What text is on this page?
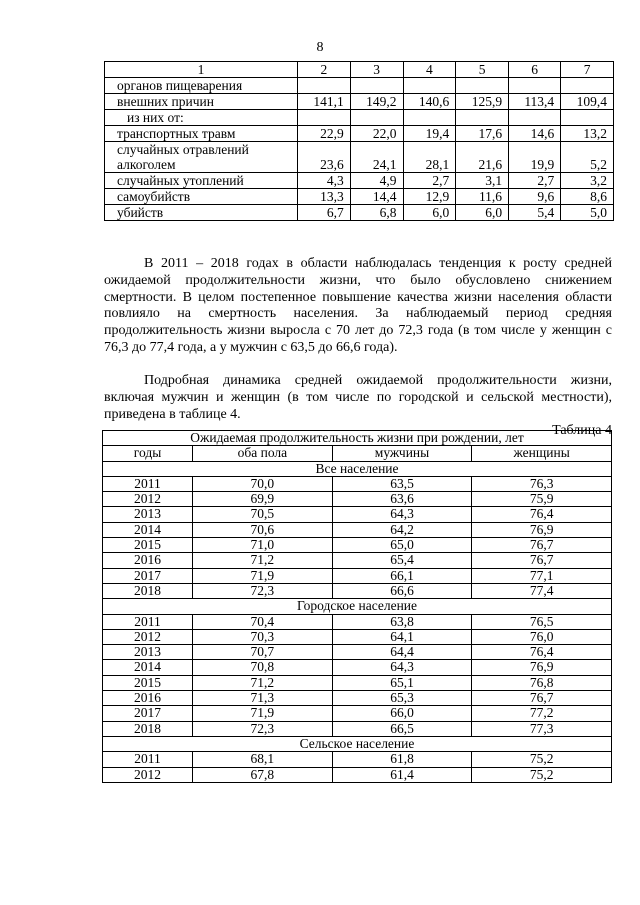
8
1	2	3	4	5	6	7
органов пищеварения						
внешних причин	141,1	149,2	140,6	125,9	113,4	109,4
из них от:						
транспортных травм	22,9	22,0	19,4	17,6	14,6	13,2
случайных отравлений алкоголем	23,6	24,1	28,1	21,6	19,9	5,2
случайных утоплений	4,3	4,9	2,7	3,1	2,7	3,2
самоубийств	13,3	14,4	12,9	11,6	9,6	8,6
убийств	6,7	6,8	6,0	6,0	5,4	5,0
В 2011 – 2018 годах в области наблюдалась тенденция к росту средней ожидаемой продолжительности жизни, что было обусловлено снижением смертности. В целом постепенное повышение качества жизни населения области повлияло на смертность населения. За наблюдаемый период средняя продолжительность жизни выросла с 70 лет до 72,3 года (в том числе у женщин с 76,3 до 77,4 года, а у мужчин с 63,5 до 66,6 года).
Подробная динамика средней ожидаемой продолжительности жизни, включая мужчин и женщин (в том числе по городской и сельской местности), приведена в таблице 4.
Таблица 4
Ожидаемая продолжительность жизни при рождении, лет			
годы	оба пола	мужчины	женщины
Все население			
2011	70,0	63,5	76,3
2012	69,9	63,6	75,9
2013	70,5	64,3	76,4
2014	70,6	64,2	76,9
2015	71,0	65,0	76,7
2016	71,2	65,4	76,7
2017	71,9	66,1	77,1
2018	72,3	66,6	77,4
Городское население			
2011	70,4	63,8	76,5
2012	70,3	64,1	76,0
2013	70,7	64,4	76,4
2014	70,8	64,3	76,9
2015	71,2	65,1	76,8
2016	71,3	65,3	76,7
2017	71,9	66,0	77,2
2018	72,3	66,5	77,3
Сельское население			
2011	68,1	61,8	75,2
2012	67,8	61,4	75,2
